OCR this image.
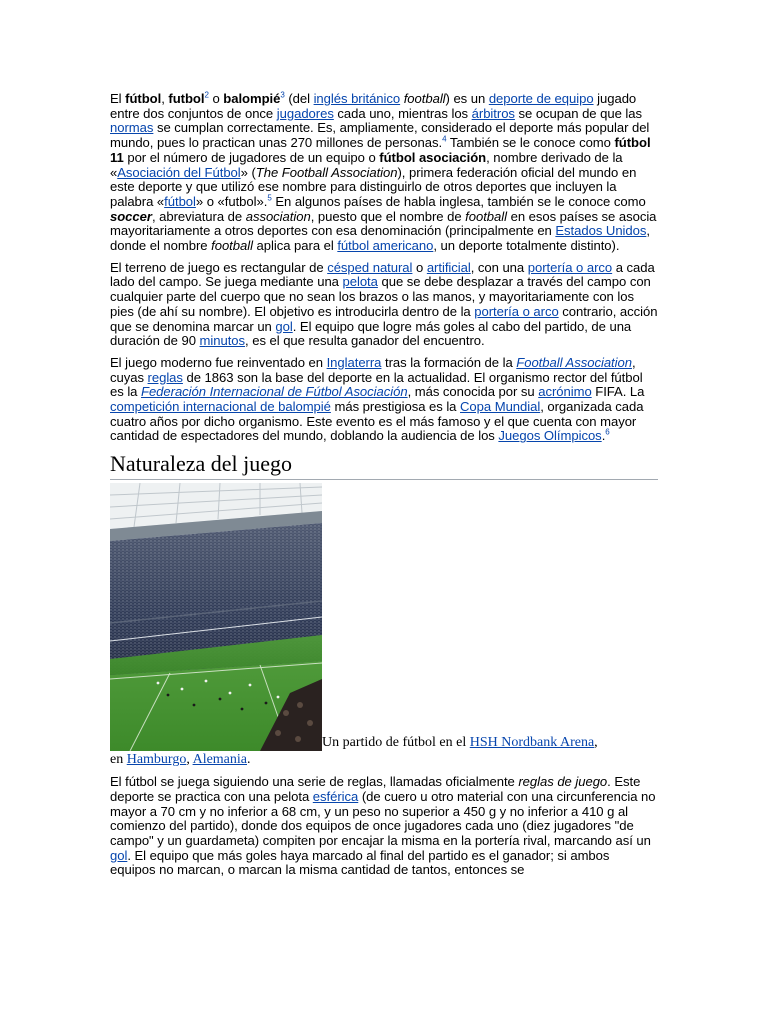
El fútbol, futbol$^2$ o balompié$^3$ (del inglés británico football) es un deporte de equipo jugado entre dos conjuntos de once jugadores cada uno, mientras los árbitros se ocupan de que las normas se cumplan correctamente. Es, ampliamente, considerado el deporte más popular del mundo, pues lo practican unas 270 millones de personas.$^4$ También se le conoce como fútbol 11 por el número de jugadores de un equipo o fútbol asociación, nombre derivado de la «Asociación del Fútbol» (The Football Association), primera federación oficial del mundo en este deporte y que utilizó ese nombre para distinguirlo de otros deportes que incluyen la palabra «fútbol» o «futbol».$^5$ En algunos países de habla inglesa, también se le conoce como soccer, abreviatura de association, puesto que el nombre de football en esos países se asocia mayoritariamente a otros deportes con esa denominación (principalmente en Estados Unidos, donde el nombre football aplica para el fútbol americano, un deporte totalmente distinto).

El terreno de juego es rectangular de césped natural o artificial, con una portería o arco a cada lado del campo. Se juega mediante una pelota que se debe desplazar a través del campo con cualquier parte del cuerpo que no sean los brazos o las manos, y mayoritariamente con los pies (de ahí su nombre). El objetivo es introducirla dentro de la portería o arco contrario, acción que se denomina marcar un gol. El equipo que logre más goles al cabo del partido, de una duración de 90 minutos, es el que resulta ganador del encuentro.

El juego moderno fue reinventado en Inglaterra tras la formación de la Football Association, cuyas reglas de 1863 son la base del deporte en la actualidad. El organismo rector del fútbol es la Federación Internacional de Fútbol Asociación, más conocida por su acrónimo FIFA. La competición internacional de balompié más prestigiosa es la Copa Mundial, organizada cada cuatro años por dicho organismo. Este evento es el más famoso y el que cuenta con mayor cantidad de espectadores del mundo, doblando la audiencia de los Juegos Olímpicos.$^6$

Naturaleza del juego
Un partido de fútbol en el HSH Nordbank Arena,
en Hamburgo, Alemania.

El fútbol se juega siguiendo una serie de reglas, llamadas oficialmente reglas de juego. Este deporte se practica con una pelota esférica (de cuero u otro material con una circunferencia no mayor a 70 cm y no inferior a 68 cm, y un peso no superior a 450 g y no inferior a 410 g al comienzo del partido), donde dos equipos de once jugadores cada uno (diez jugadores "de campo" y un guardameta) compiten por encajar la misma en la portería rival, marcando así un gol. El equipo que más goles haya marcado al final del partido es el ganador; si ambos equipos no marcan, o marcan la misma cantidad de tantos, entonces se
